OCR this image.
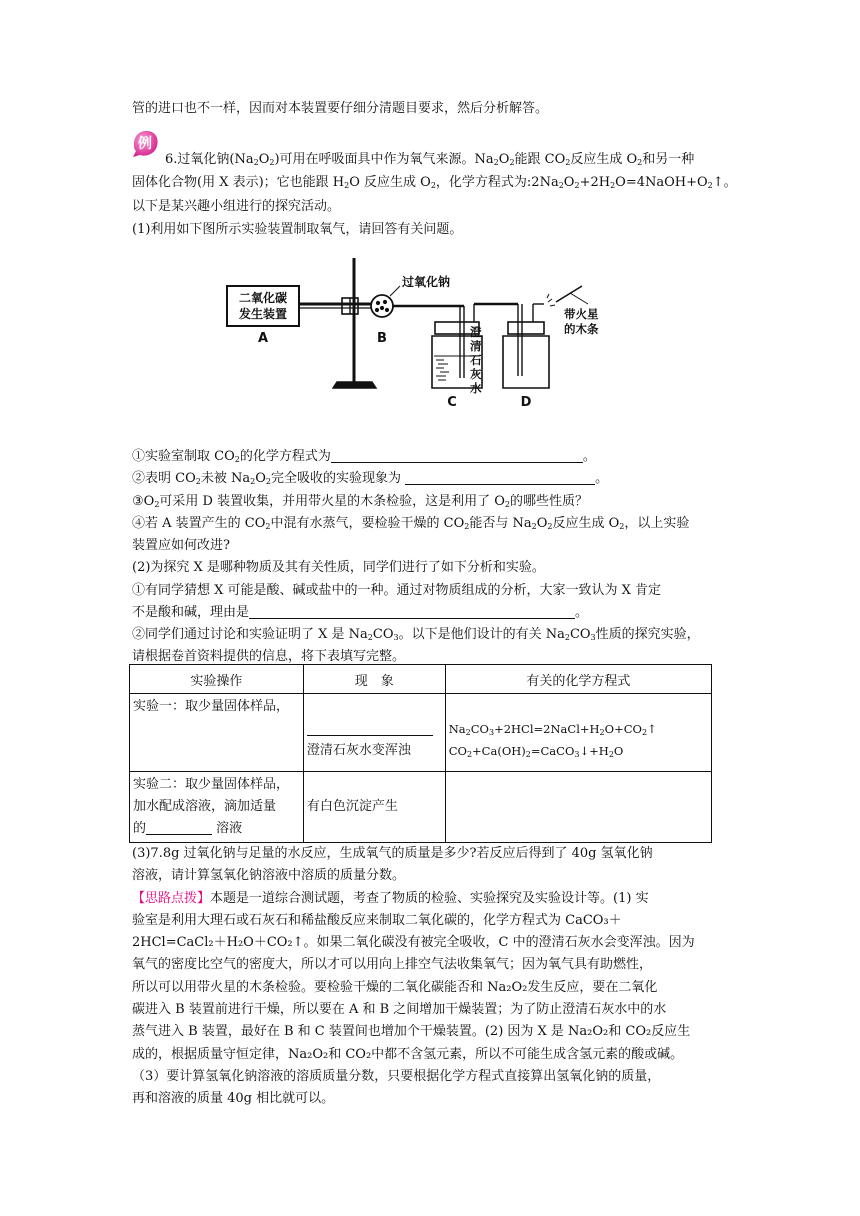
管的进口也不一样，因而对本装置要仔细分清题目要求，然后分析解答。
例
6.过氧化钠$(Na_2O_2)$可用在呼吸面具中作为氧气来源。$Na_2O_2$能跟 $CO_2$反应生成 $O_2$和另一种
固体化合物(用 X 表示)；它也能跟 $H_2O$ 反应生成 $O_2$，化学方程式为$:2Na_2O_2+2H_2O=4NaOH+O_2↑$。
以下是某兴趣小组进行的探究活动。
(1)利用如下图所示实验装置制取氧气，请回答有关问题。
二氧化碳
发生装置
A	B
C	D
过氧化钠
澄
清
石
灰
水
带火星
的木条
①实验室制取 $CO_2$的化学方程式为	。
②表明 $CO_2$未被 $Na_2O_2$完全吸收的实验现象为	。
$③O_2$可采用 D 装置收集，并用带火星的木条检验，这是利用了 $O_2$的哪些性质？
④若 A 装置产生的 $CO_2$中混有水蒸气，要检验干燥的 $CO_2$能否与 $Na_2O_2$反应生成 $O_2$，以上实验
装置应如何改进?
(2)为探究 X 是哪种物质及其有关性质，同学们进行了如下分析和实验。
①有同学猜想 X 可能是酸、碱或盐中的一种。通过对物质组成的分析，大家一致认为 X 肯定
不是酸和碱，理由是	。
②同学们通过讨论和实验证明了 X 是 $Na_2CO_3$。以下是他们设计的有关 $Na_2CO_3$性质的探究实验，
请根据卷首资料提供的信息，将下表填写完整。
实验操作	现　象	有关的化学方程式

实验一：取少量固体样品，	澄清石灰水变浑浊	$Na_2CO_3+2HCl=2NaCl+H_2O+CO_2↑$
$CO_2+Ca(OH)_2=CaCO_3↓+H_2O$

实验二：取少量固体样品，
加水配成溶液，滴加适量
的 溶液	有白色沉淀产生	

(3)7.8g 过氧化钠与足量的水反应，生成氧气的质量是多少?若反应后得到了 40g 氢氧化钠
溶液，请计算氢氧化钠溶液中溶质的质量分数。
【思路点拨】本题是一道综合测试题，考查了物质的检验、实验探究及实验设计等。(1) 实
验室是利用大理石或石灰石和稀盐酸反应来制取二氧化碳的，化学方程式为 CaCO₃＋
2HCl=CaCl₂＋H₂O＋CO₂↑。如果二氧化碳没有被完全吸收，C 中的澄清石灰水会变浑浊。因为
氧气的密度比空气的密度大，所以才可以用向上排空气法收集氧气；因为氧气具有助燃性，
所以可以用带火星的木条检验。要检验干燥的二氧化碳能否和 Na₂O₂发生反应，要在二氧化
碳进入 B 装置前进行干燥，所以要在 A 和 B 之间增加干燥装置；为了防止澄清石灰水中的水
蒸气进入 B 装置，最好在 B 和 C 装置间也增加个干燥装置。(2) 因为 X 是 Na₂O₂和 CO₂反应生
成的，根据质量守恒定律，Na₂O₂和 CO₂中都不含氢元素，所以不可能生成含氢元素的酸或碱。
（3）要计算氢氧化钠溶液的溶质质量分数，只要根据化学方程式直接算出氢氧化钠的质量，
再和溶液的质量 40g 相比就可以。
